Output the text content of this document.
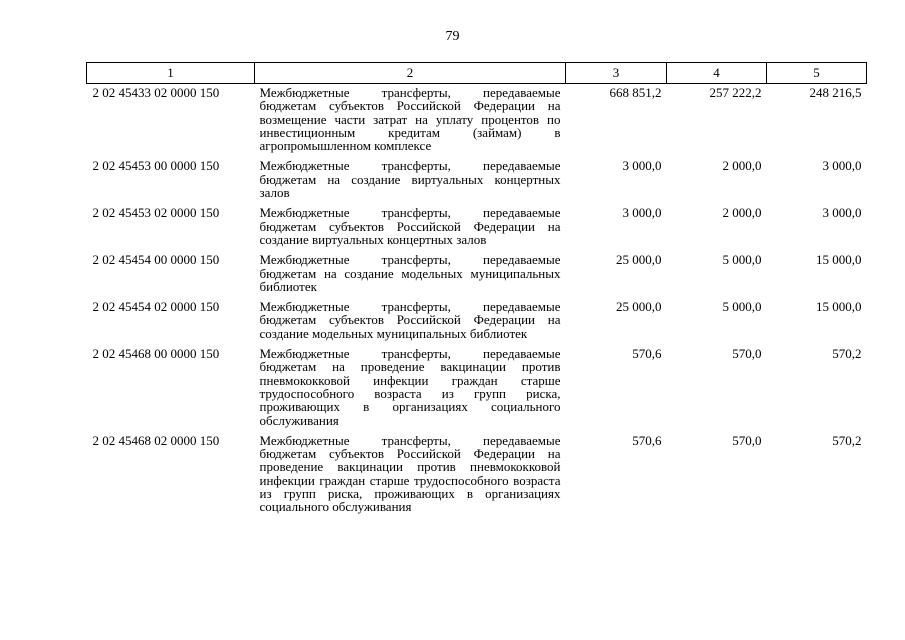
79
1	2	3	4	5
2 02 45433 02 0000 150	Межбюджетные трансферты, передаваемые бюджетам субъектов Российской Федерации на возмещение части затрат на уплату процентов по инвестиционным кредитам (займам) в агропромышленном комплексе	668 851,2	257 222,2	248 216,5
2 02 45453 00 0000 150	Межбюджетные трансферты, передаваемые бюджетам на создание виртуальных концертных залов	3 000,0	2 000,0	3 000,0
2 02 45453 02 0000 150	Межбюджетные трансферты, передаваемые бюджетам субъектов Российской Федерации на создание виртуальных концертных залов	3 000,0	2 000,0	3 000,0
2 02 45454 00 0000 150	Межбюджетные трансферты, передаваемые бюджетам на создание модельных муниципальных библиотек	25 000,0	5 000,0	15 000,0
2 02 45454 02 0000 150	Межбюджетные трансферты, передаваемые бюджетам субъектов Российской Федерации на создание модельных муниципальных библиотек	25 000,0	5 000,0	15 000,0
2 02 45468 00 0000 150	Межбюджетные трансферты, передаваемые бюджетам на проведение вакцинации против пневмококковой инфекции граждан старше трудоспособного возраста из групп риска, проживающих в организациях социального обслуживания	570,6	570,0	570,2
2 02 45468 02 0000 150	Межбюджетные трансферты, передаваемые бюджетам субъектов Российской Федерации на проведение вакцинации против пневмококковой инфекции граждан старше трудоспособного возраста из групп риска, проживающих в организациях социального обслуживания	570,6	570,0	570,2
